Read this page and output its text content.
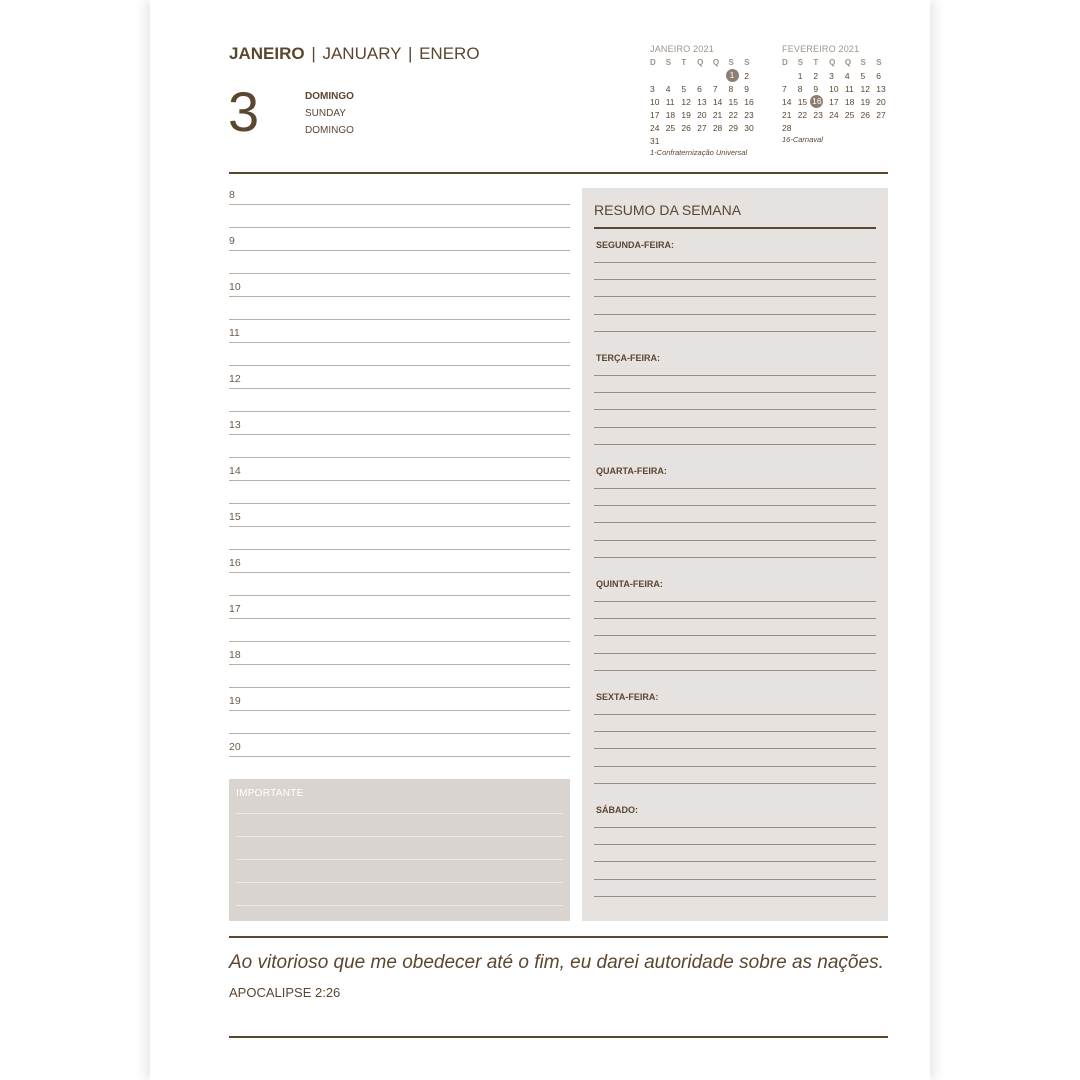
JANEIRO | JANUARY | ENERO
3	DOMINGO
SUNDAY
DOMINGO
JANEIRO 2021
D	S	T	Q	Q	S	S
					1	2
3	4	5	6	7	8	9
10	11	12	13	14	15	16
17	18	19	20	21	22	23
24	25	26	27	28	29	30
31						
1-Confraternização Universal
FEVEREIRO 2021
D	S	T	Q	Q	S	S
	1	2	3	4	5	6
7	8	9	10	11	12	13
14	15	16	17	18	19	20
21	22	23	24	25	26	27
28						
16-Carnaval
8
9
10
11
12
13
14
15
16
17
18
19
20
IMPORTANTE
RESUMO DA SEMANA
SEGUNDA-FEIRA:
TERÇA-FEIRA:
QUARTA-FEIRA:
QUINTA-FEIRA:
SEXTA-FEIRA:
SÁBADO:
Ao vitorioso que me obedecer até o fim, eu darei autoridade sobre as nações.
APOCALIPSE 2:26
